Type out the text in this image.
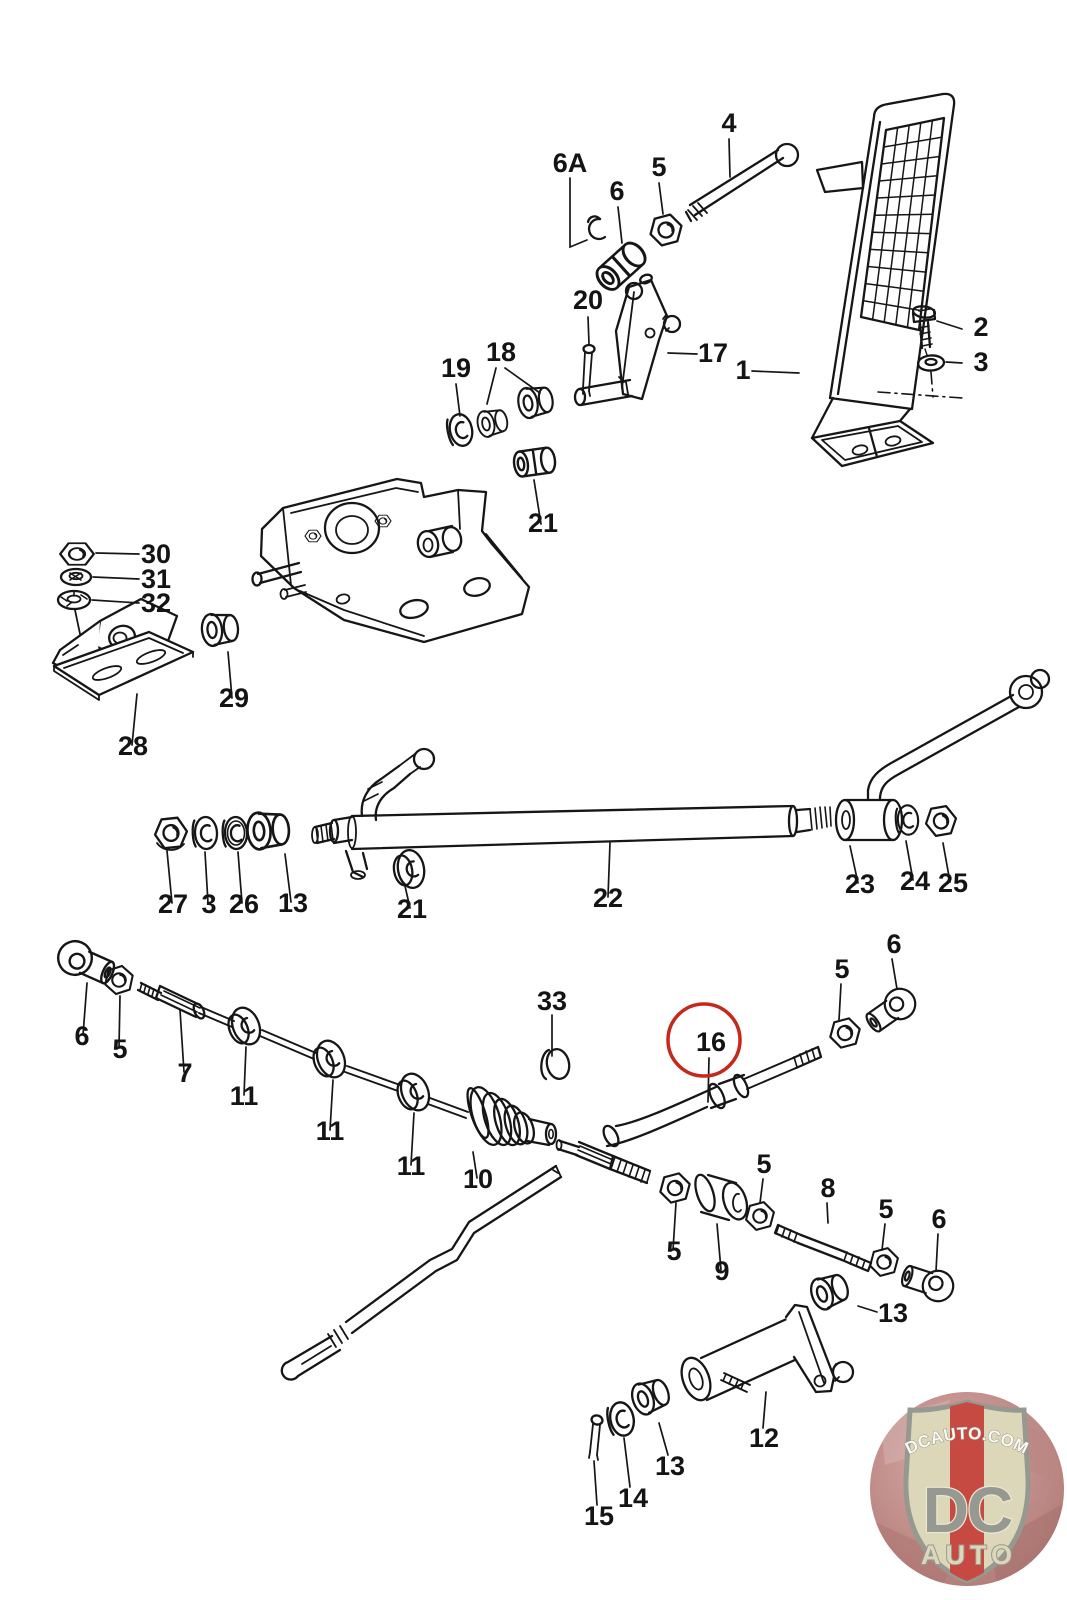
4
6A
6
5
2
3
1
17
20
19
18
21
30
31
32
29
28
27 3 26 13	21	22	23 24 25
6 5
7
11
11
11 10
33
16
5
6
5
9
5
8
5 6
13
12
13
14
15
DCAUTO.COM
DC
AUTO
